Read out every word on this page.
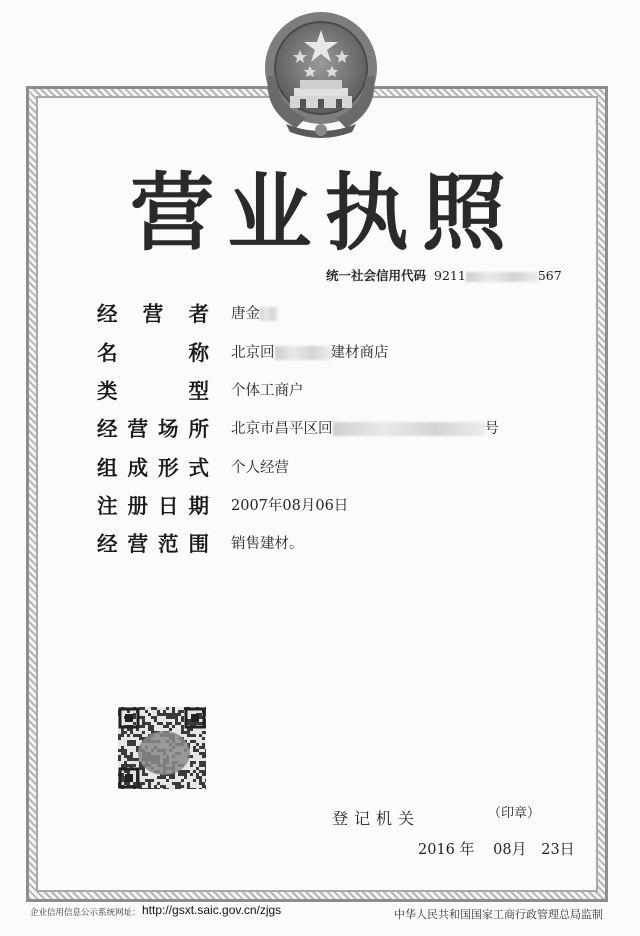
营 业 执 照
统一社会信用代码 9211	567
经 营 者 唐金
名	称 北京回	建材商店
类	型 个体工商户
经 营 场 所 北京市昌平区回	号
组 成 形 式 个人经营
注 册 日 期 2007年08月06日
经 营 范 围 销售建材。
登记机关	（印章）
2016 年 08月 23日
企业信用信息公示系统网址： http://gsxt.saic.gov.cn/zjgs	中华人民共和国国家工商行政管理总局监制
